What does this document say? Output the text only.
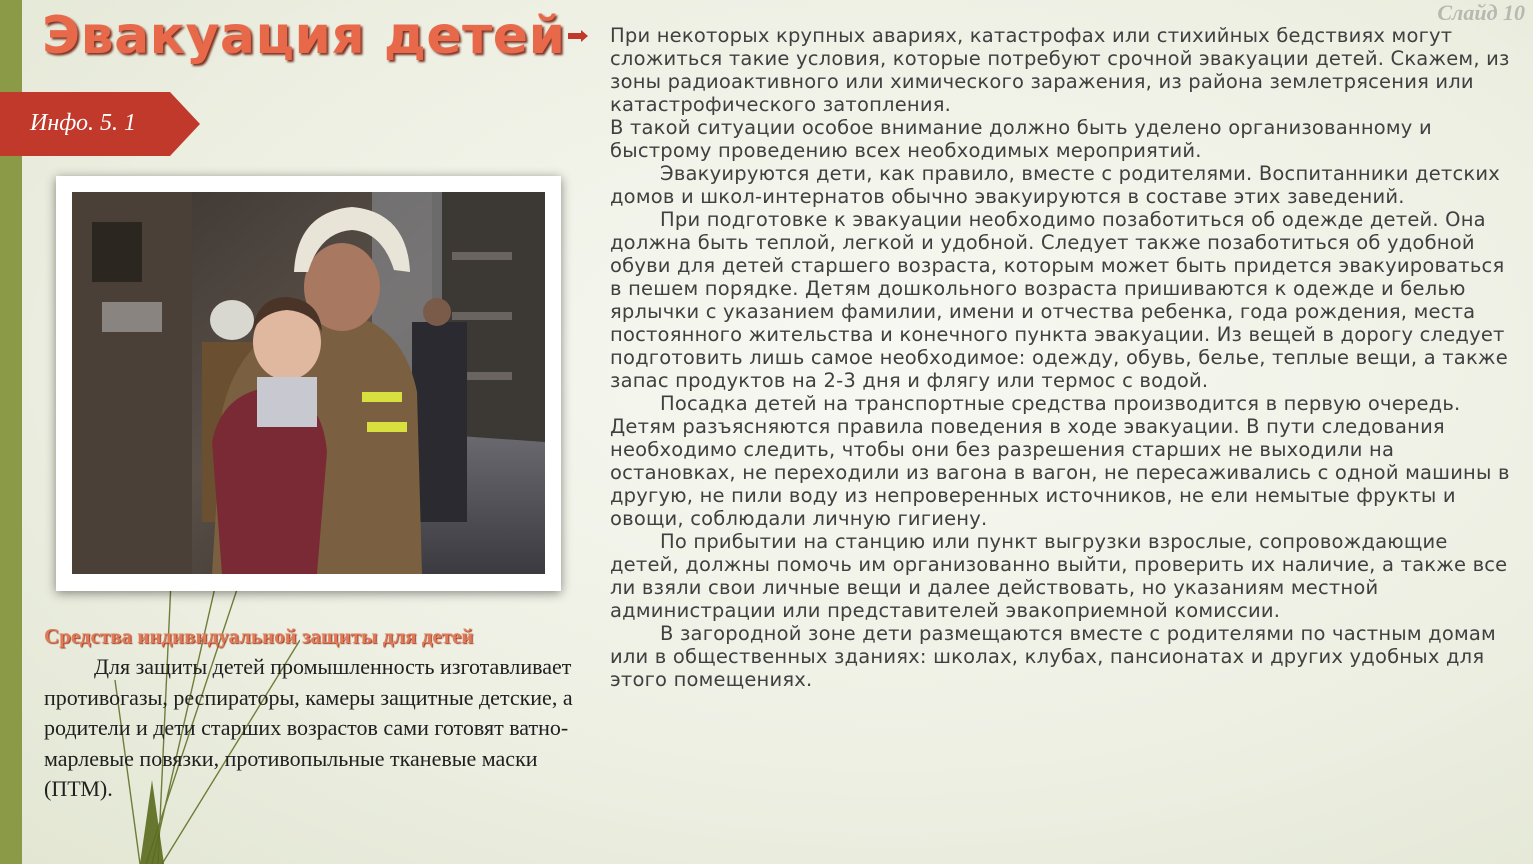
Эвакуация детей	Слайд 10
Инфо. 5. 1

При некоторых крупных авариях, катастрофах или стихийных бедствиях могут сложиться такие условия, которые потребуют срочной эвакуации детей. Скажем, из зоны радиоактивного или химического заражения, из района землетрясения или катастрофического затопления.

В такой ситуации особое внимание должно быть уделено организованному и быстрому проведению всех необходимых мероприятий.

Эвакуируются дети, как правило, вместе с родителями. Воспитанники детских домов и школ-интернатов обычно эвакуируются в составе этих заведений.

При подготовке к эвакуации необходимо позаботиться об одежде детей. Она должна быть теплой, легкой и удобной. Следует также позаботиться об удобной обуви для детей старшего возраста, которым может быть придется эвакуироваться в пешем порядке. Детям дошкольного возраста пришиваются к одежде и белью ярлычки с указанием фамилии, имени и отчества ребенка, года рождения, места постоянного жительства и конечного пункта эвакуации. Из вещей в дорогу следует подготовить лишь самое необходимое: одежду, обувь, белье, теплые вещи, а также запас продуктов на 2-3 дня и флягу или термос с водой.

Посадка детей на транспортные средства производится в первую очередь. Детям разъясняются правила поведения в ходе эвакуации. В пути следования необходимо следить, чтобы они без разрешения старших не выходили на остановках, не переходили из вагона в вагон, не пересаживались с одной машины в другую, не пили воду из непроверенных источников, не ели немытые фрукты и овощи, соблюдали личную гигиену.

По прибытии на станцию или пункт выгрузки взрослые, сопровождающие детей, должны помочь им организованно выйти, проверить их наличие, а также все ли взяли свои личные вещи и далее действовать, но указаниям местной администрации или представителей эвакоприемной комиссии.

В загородной зоне дети размещаются вместе с родителями по частным домам или в общественных зданиях: школах, клубах, пансионатах и других удобных для этого помещениях.

Средства индивидуальной защиты для детей

Для защиты детей промышленность изготавливает противогазы, респираторы, камеры защитные детские, а родители и дети старших возрастов сами готовят ватно-марлевые повязки, противопыльные тканевые маски (ПТМ).
